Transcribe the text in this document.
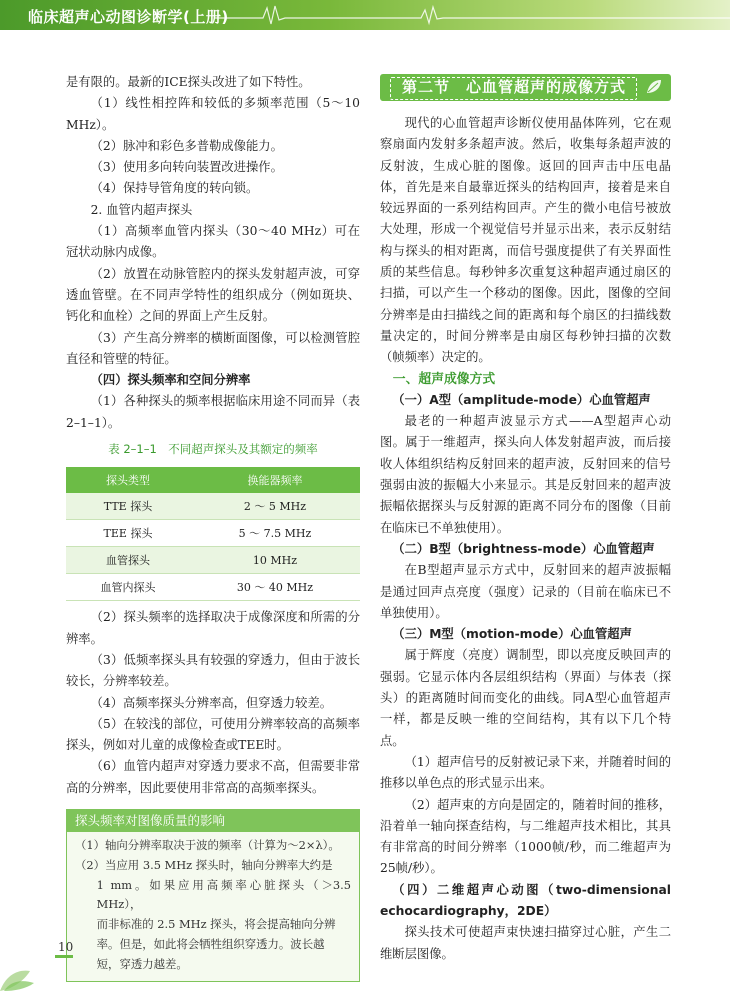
临床超声心动图诊断学(上册)

是有限的。最新的ICE探头改进了如下特性。

（1）线性相控阵和较低的多频率范围（5～10 MHz）。

（2）脉冲和彩色多普勒成像能力。

（3）使用多向转向装置改进操作。

（4）保持导管角度的转向锁。

2. 血管内超声探头

（1）高频率血管内探头（30～40 MHz）可在冠状动脉内成像。

（2）放置在动脉管腔内的探头发射超声波，可穿透血管壁。在不同声学特性的组织成分（例如斑块、钙化和血栓）之间的界面上产生反射。

（3）产生高分辨率的横断面图像，可以检测管腔直径和管壁的特征。

（四）探头频率和空间分辨率

（1）各种探头的频率根据临床用途不同而异（表2–1–1）。

表 2–1–1　不同超声探头及其额定的频率
探头类型	换能器频率
TTE 探头	2 ～ 5 MHz
TEE 探头	5 ～ 7.5 MHz
血管探头	10 MHz
血管内探头	30 ～ 40 MHz

（2）探头频率的选择取决于成像深度和所需的分辨率。

（3）低频率探头具有较强的穿透力，但由于波长较长，分辨率较差。

（4）高频率探头分辨率高，但穿透力较差。

（5）在较浅的部位，可使用分辨率较高的高频率探头，例如对儿童的成像检查或TEE时。

（6）血管内超声对穿透力要求不高，但需要非常高的分辨率，因此要使用非常高的高频率探头。

探头频率对图像质量的影响

（1）轴向分辨率取决于波的频率（计算为～2×λ）。

（2）当应用 3.5 MHz 探头时，轴向分辨率大约是

1 mm。如果应用高频率心脏探头（＞3.5 MHz），

而非标准的 2.5 MHz 探头，将会提高轴向分辨

率。但是，如此将会牺牲组织穿透力。波长越

短，穿透力越差。

第二节　心血管超声的成像方式

现代的心血管超声诊断仪使用晶体阵列，它在观察扇面内发射多条超声波。然后，收集每条超声波的反射波，生成心脏的图像。返回的回声击中压电晶体，首先是来自最靠近探头的结构回声，接着是来自较远界面的一系列结构回声。产生的微小电信号被放大处理，形成一个视觉信号并显示出来，表示反射结构与探头的相对距离，而信号强度提供了有关界面性质的某些信息。每秒钟多次重复这种超声通过扇区的扫描，可以产生一个移动的图像。因此，图像的空间分辨率是由扫描线之间的距离和每个扇区的扫描线数量决定的，时间分辨率是由扇区每秒钟扫描的次数（帧频率）决定的。

一、超声成像方式

（一）A型（amplitude-mode）心血管超声

最老的一种超声波显示方式——A型超声心动图。属于一维超声，探头向人体发射超声波，而后接收人体组织结构反射回来的超声波，反射回来的信号强弱由波的振幅大小来显示。其是反射回来的超声波振幅依据探头与反射源的距离不同分布的图像（目前在临床已不单独使用）。

（二）B型（brightness-mode）心血管超声

在B型超声显示方式中，反射回来的超声波振幅是通过回声点亮度（强度）记录的（目前在临床已不单独使用）。

（三）M型（motion-mode）心血管超声

属于辉度（亮度）调制型，即以亮度反映回声的强弱。它显示体内各层组织结构（界面）与体表（探头）的距离随时间而变化的曲线。同A型心血管超声一样，都是反映一维的空间结构，其有以下几个特点。

（1）超声信号的反射被记录下来，并随着时间的推移以单色点的形式显示出来。

（2）超声束的方向是固定的，随着时间的推移，沿着单一轴向探查结构，与二维超声技术相比，其具有非常高的时间分辨率（1000帧/秒，而二维超声为25帧/秒）。

（四）二维超声心动图（two-dimensional echocardiography，2DE）

探头技术可使超声束快速扫描穿过心脏，产生二维断层图像。

10
